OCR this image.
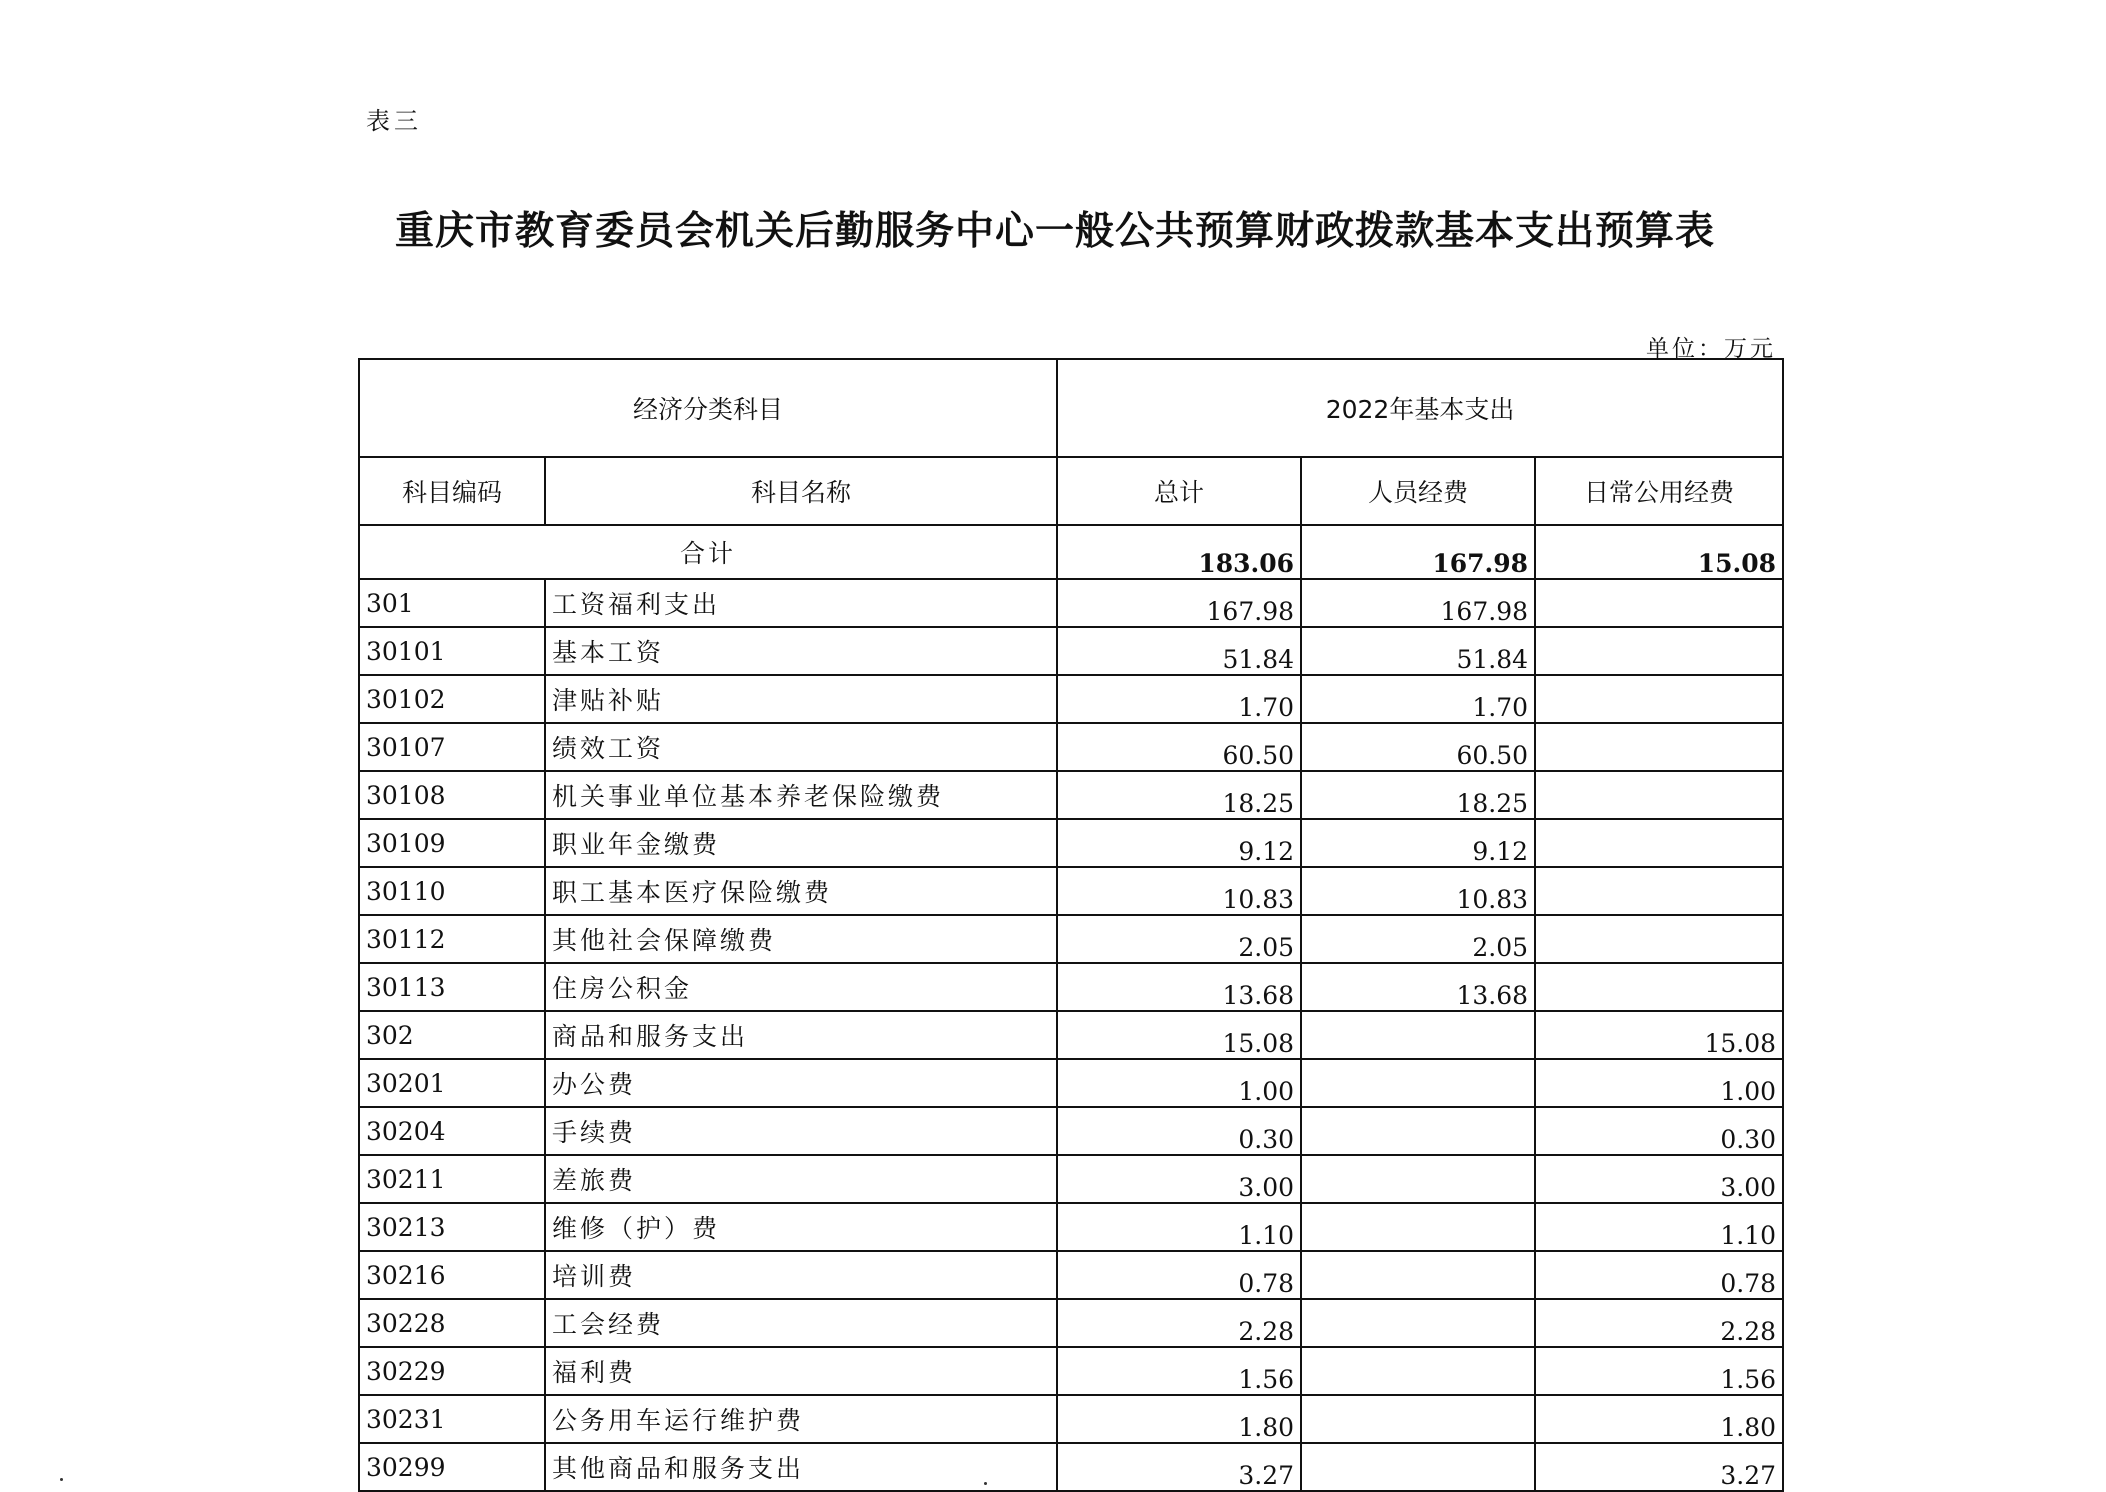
表三
重庆市教育委员会机关后勤服务中心一般公共预算财政拨款基本支出预算表
单位：万元
经济分类科目		2022年基本支出		
科目编码	科目名称	总计	人员经费	日常公用经费
合计		183.06	167.98	15.08
301	工资福利支出	167.98	167.98	
30101	基本工资	51.84	51.84	
30102	津贴补贴	1.70	1.70	
30107	绩效工资	60.50	60.50	
30108	机关事业单位基本养老保险缴费	18.25	18.25	
30109	职业年金缴费	9.12	9.12	
30110	职工基本医疗保险缴费	10.83	10.83	
30112	其他社会保障缴费	2.05	2.05	
30113	住房公积金	13.68	13.68	
302	商品和服务支出	15.08		15.08
30201	办公费	1.00		1.00
30204	手续费	0.30		0.30
30211	差旅费	3.00		3.00
30213	维修（护）费	1.10		1.10
30216	培训费	0.78		0.78
30228	工会经费	2.28		2.28
30229	福利费	1.56		1.56
30231	公务用车运行维护费	1.80		1.80
30299	其他商品和服务支出	3.27		3.27
